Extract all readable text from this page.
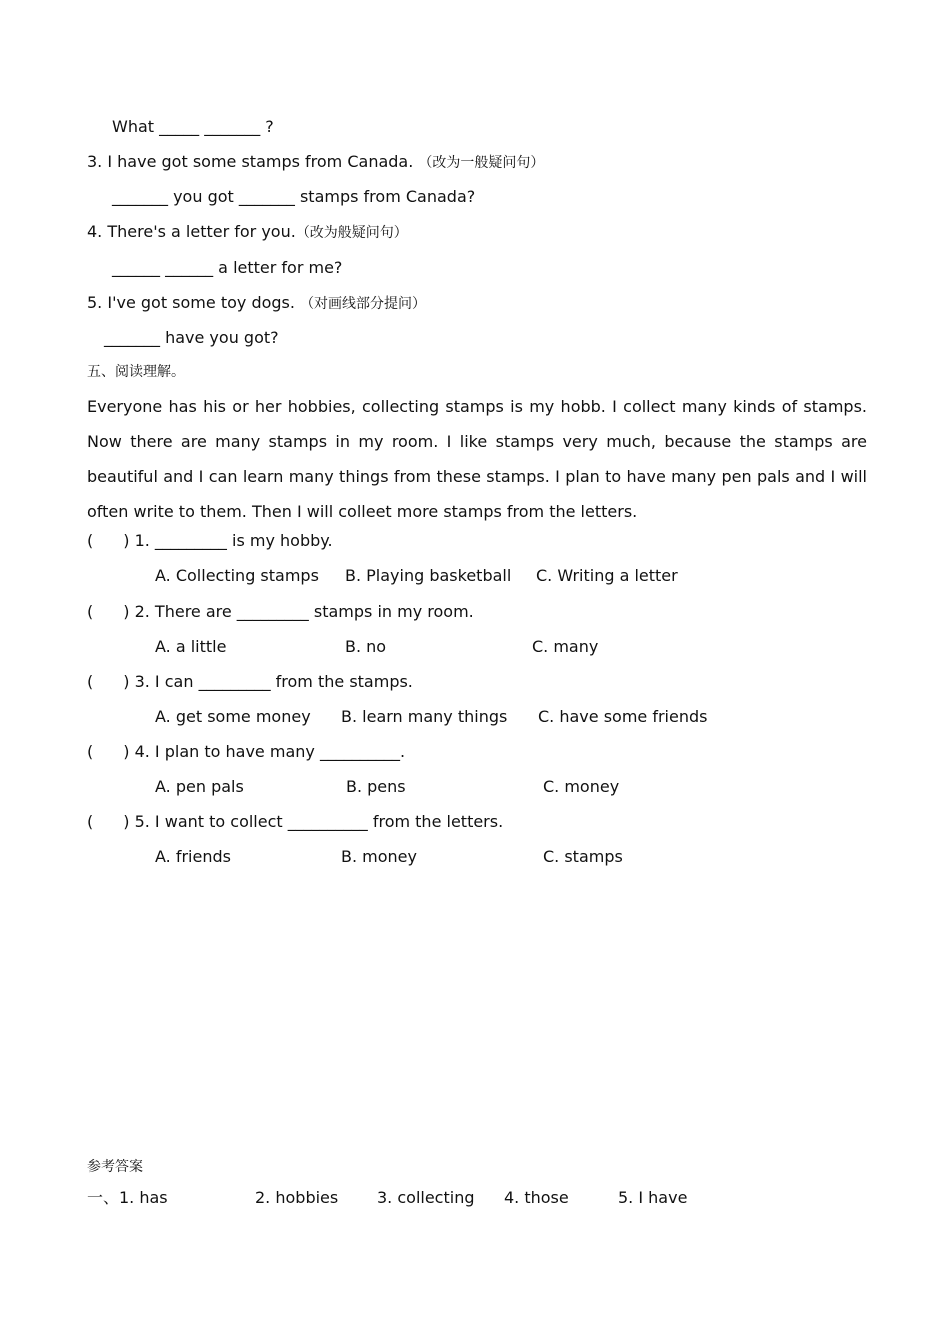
What _____ _______ ?
3. I have got some stamps from Canada. （改为一般疑问句）
_______ you got _______ stamps from Canada?
4. There's a letter for you.（改为般疑问句）
______ ______ a letter for me?
5. I've got some toy dogs. （对画线部分提问）
_______ have you got?
五、阅读理解。

Everyone has his or her hobbies, collecting stamps is my hobb. I collect many kinds of stamps. Now there are many stamps in my room. I like stamps very much, because the stamps are beautiful and I can learn many things from these stamps. I plan to have many pen pals and I will often write to them. Then I will colleet more stamps from the letters.

( ) 1. _________ is my hobby.
A. Collecting stamps B. Playing basketball C. Writing a letter
( ) 2. There are _________ stamps in my room.
A. a little	B. no	C. many
( ) 3. I can _________ from the stamps.
A. get some money B. learn many things C. have some friends
( ) 4. I plan to have many __________.
A. pen pals	B. pens	C. money
( ) 5. I want to collect __________ from the letters.
A. friends	B. money	C. stamps
参考答案
一、1. has	2. hobbies 3. collecting 4. those	5. I have
